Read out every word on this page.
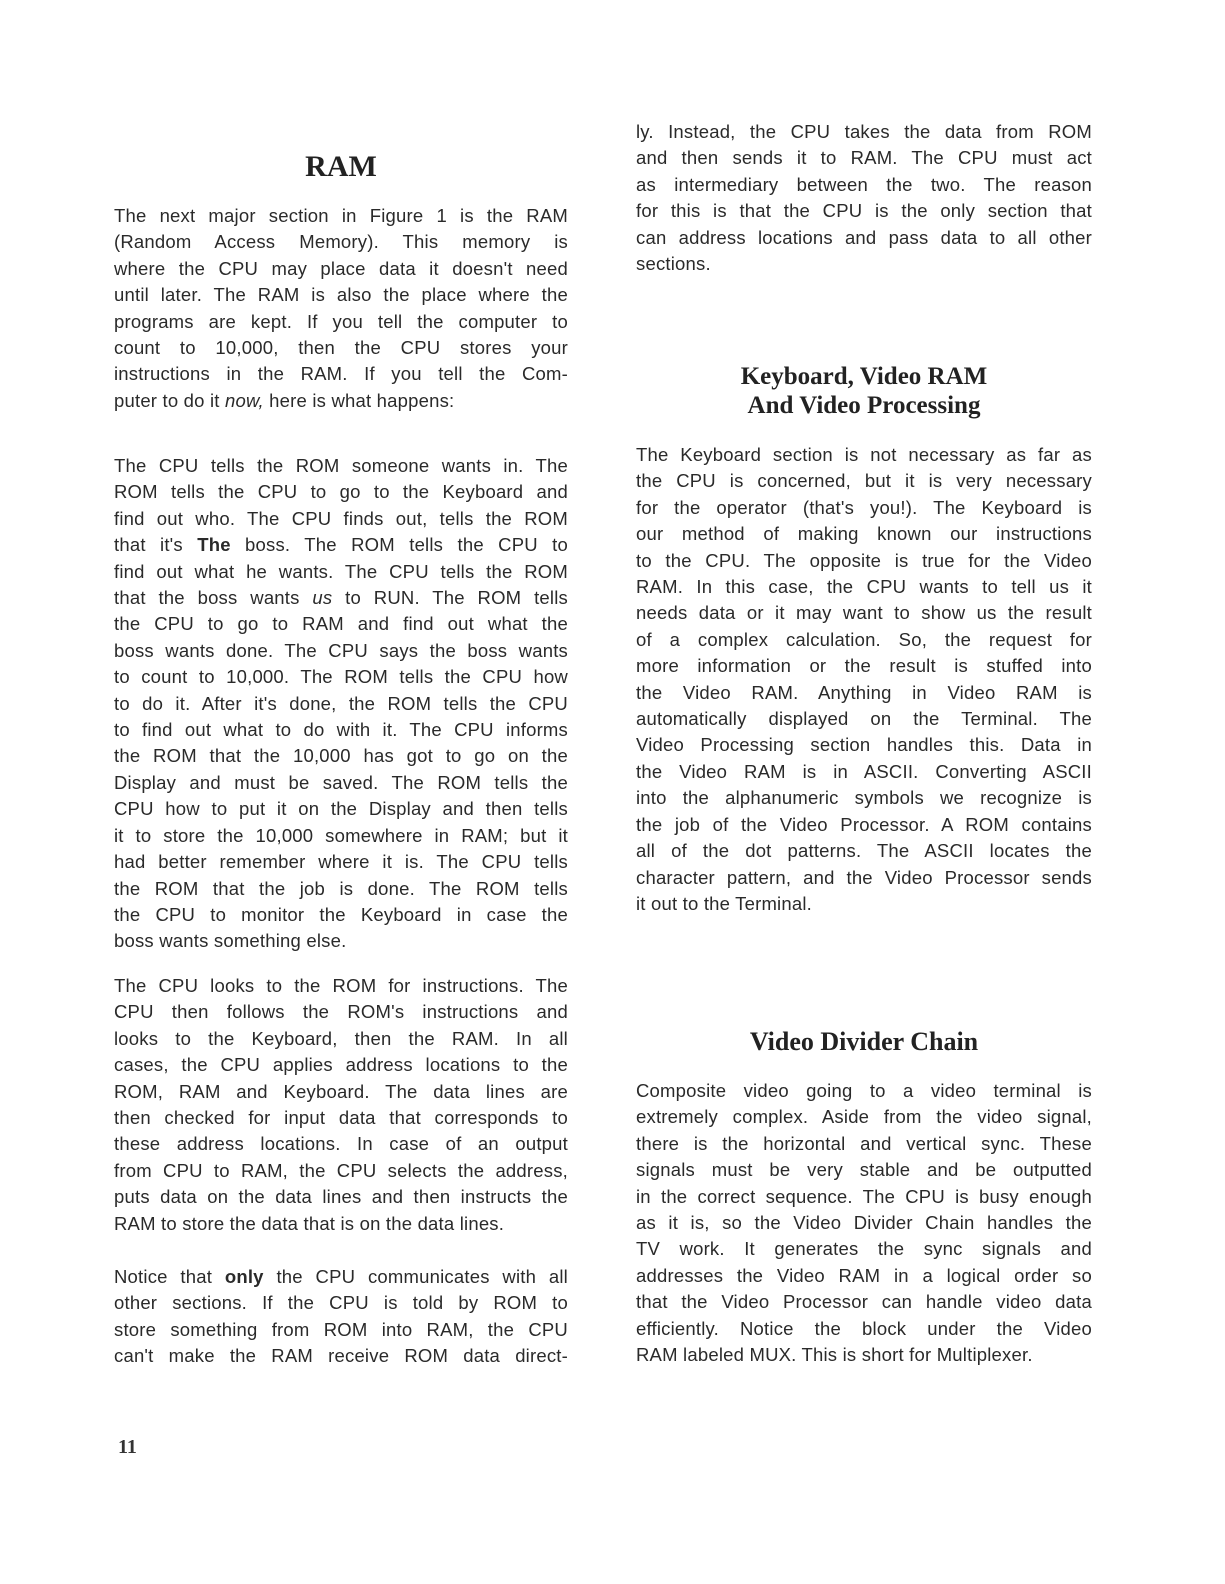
RAM

The next major section in Figure 1 is the RAM
(Random Access Memory). This memory is
where the CPU may place data it doesn't need
until later. The RAM is also the place where the
programs are kept. If you tell the computer to
count to 10,000, then the CPU stores your
instructions in the RAM. If you tell the Com-
puter to do it now, here is what happens:

The CPU tells the ROM someone wants in. The
ROM tells the CPU to go to the Keyboard and
find out who. The CPU finds out, tells the ROM
that it's The boss. The ROM tells the CPU to
find out what he wants. The CPU tells the ROM
that the boss wants us to RUN. The ROM tells
the CPU to go to RAM and find out what the
boss wants done. The CPU says the boss wants
to count to 10,000. The ROM tells the CPU how
to do it. After it's done, the ROM tells the CPU
to find out what to do with it. The CPU informs
the ROM that the 10,000 has got to go on the
Display and must be saved. The ROM tells the
CPU how to put it on the Display and then tells
it to store the 10,000 somewhere in RAM; but it
had better remember where it is. The CPU tells
the ROM that the job is done. The ROM tells
the CPU to monitor the Keyboard in case the
boss wants something else.

The CPU looks to the ROM for instructions. The
CPU then follows the ROM's instructions and
looks to the Keyboard, then the RAM. In all
cases, the CPU applies address locations to the
ROM, RAM and Keyboard. The data lines are
then checked for input data that corresponds to
these address locations. In case of an output
from CPU to RAM, the CPU selects the address,
puts data on the data lines and then instructs the
RAM to store the data that is on the data lines.

Notice that only the CPU communicates with all
other sections. If the CPU is told by ROM to
store something from ROM into RAM, the CPU
can't make the RAM receive ROM data direct-

ly. Instead, the CPU takes the data from ROM
and then sends it to RAM. The CPU must act
as intermediary between the two. The reason
for this is that the CPU is the only section that
can address locations and pass data to all other
sections.

Keyboard, Video RAM
And Video Processing

The Keyboard section is not necessary as far as
the CPU is concerned, but it is very necessary
for the operator (that's you!). The Keyboard is
our method of making known our instructions
to the CPU. The opposite is true for the Video
RAM. In this case, the CPU wants to tell us it
needs data or it may want to show us the result
of a complex calculation. So, the request for
more information or the result is stuffed into
the Video RAM. Anything in Video RAM is
automatically displayed on the Terminal. The
Video Processing section handles this. Data in
the Video RAM is in ASCII. Converting ASCII
into the alphanumeric symbols we recognize is
the job of the Video Processor. A ROM contains
all of the dot patterns. The ASCII locates the
character pattern, and the Video Processor sends
it out to the Terminal.

Video Divider Chain

Composite video going to a video terminal is
extremely complex. Aside from the video signal,
there is the horizontal and vertical sync. These
signals must be very stable and be outputted
in the correct sequence. The CPU is busy enough
as it is, so the Video Divider Chain handles the
TV work. It generates the sync signals and
addresses the Video RAM in a logical order so
that the Video Processor can handle video data
efficiently. Notice the block under the Video
RAM labeled MUX. This is short for Multiplexer.

11
